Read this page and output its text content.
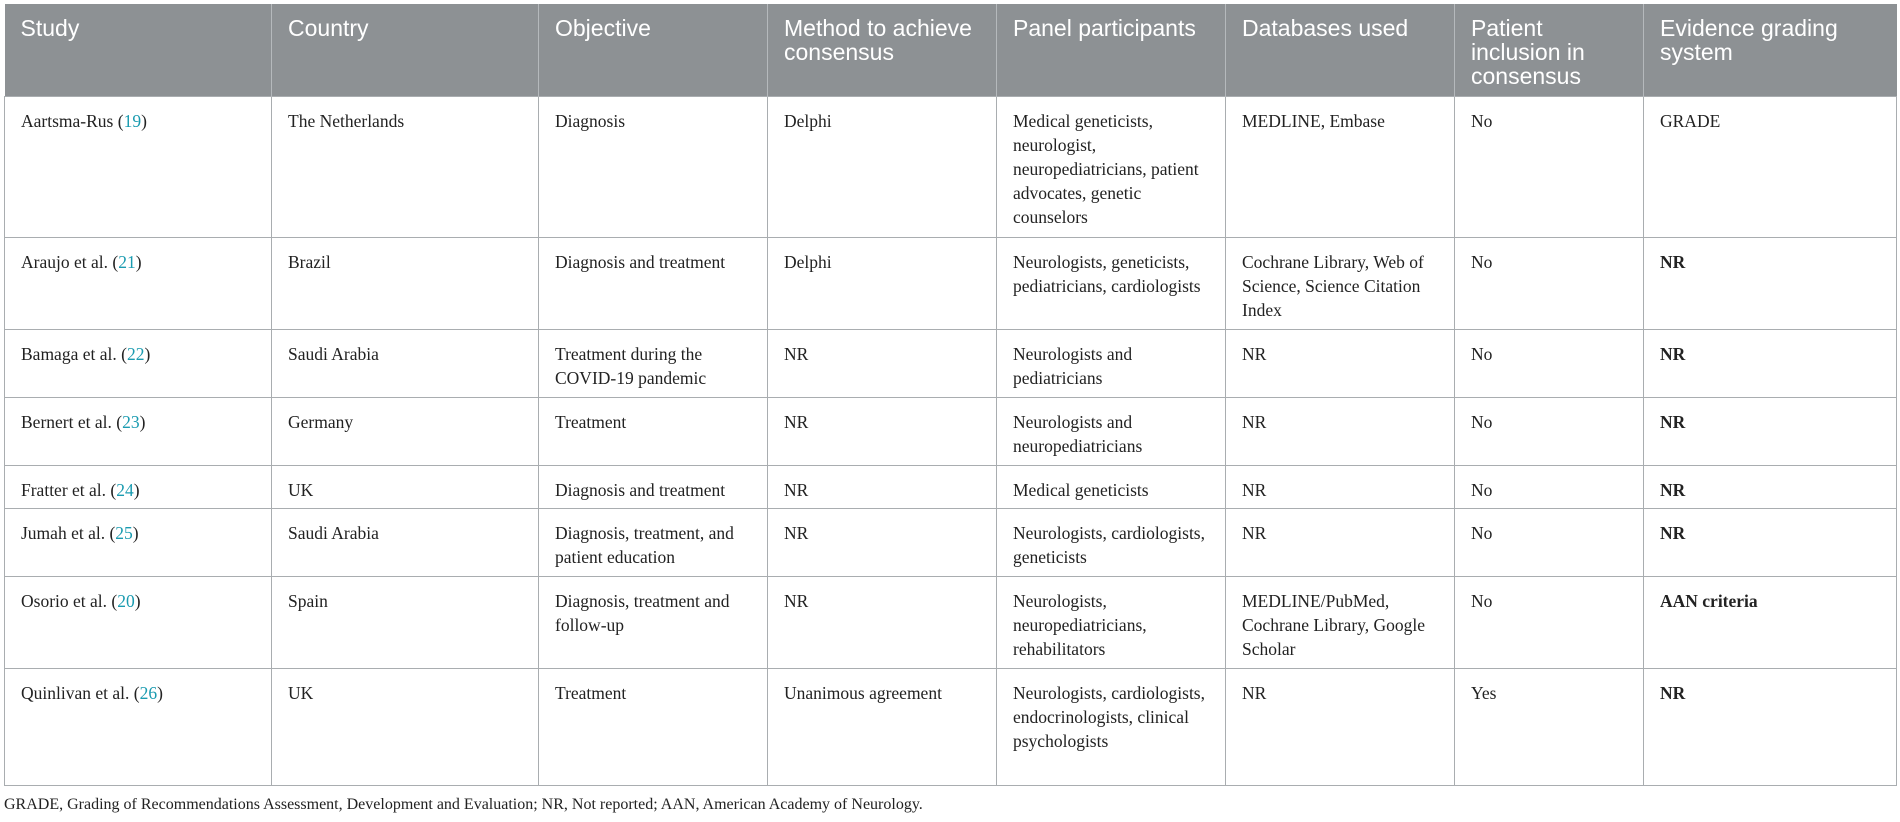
Study	Country	Objective	Method to achieve consensus	Panel participants	Databases used	Patient inclusion in consensus	Evidence grading system
Aartsma-Rus (19)	The Netherlands	Diagnosis	Delphi	Medical geneticists, neurologist, neuropediatricians, patient advocates, genetic counselors	MEDLINE, Embase	No	GRADE
Araujo et al. (21)	Brazil	Diagnosis and treatment	Delphi	Neurologists, geneticists, pediatricians, cardiologists	Cochrane Library, Web of Science, Science Citation Index	No	NR
Bamaga et al. (22)	Saudi Arabia	Treatment during the COVID-19 pandemic	NR	Neurologists and pediatricians	NR	No	NR
Bernert et al. (23)	Germany	Treatment	NR	Neurologists and neuropediatricians	NR	No	NR
Fratter et al. (24)	UK	Diagnosis and treatment	NR	Medical geneticists	NR	No	NR
Jumah et al. (25)	Saudi Arabia	Diagnosis, treatment, and patient education	NR	Neurologists, cardiologists, geneticists	NR	No	NR
Osorio et al. (20)	Spain	Diagnosis, treatment and follow-up	NR	Neurologists, neuropediatricians, rehabilitators	MEDLINE/PubMed, Cochrane Library, Google Scholar	No	AAN criteria
Quinlivan et al. (26)	UK	Treatment	Unanimous agreement	Neurologists, cardiologists, endocrinologists, clinical psychologists	NR	Yes	NR
GRADE, Grading of Recommendations Assessment, Development and Evaluation; NR, Not reported; AAN, American Academy of Neurology.
